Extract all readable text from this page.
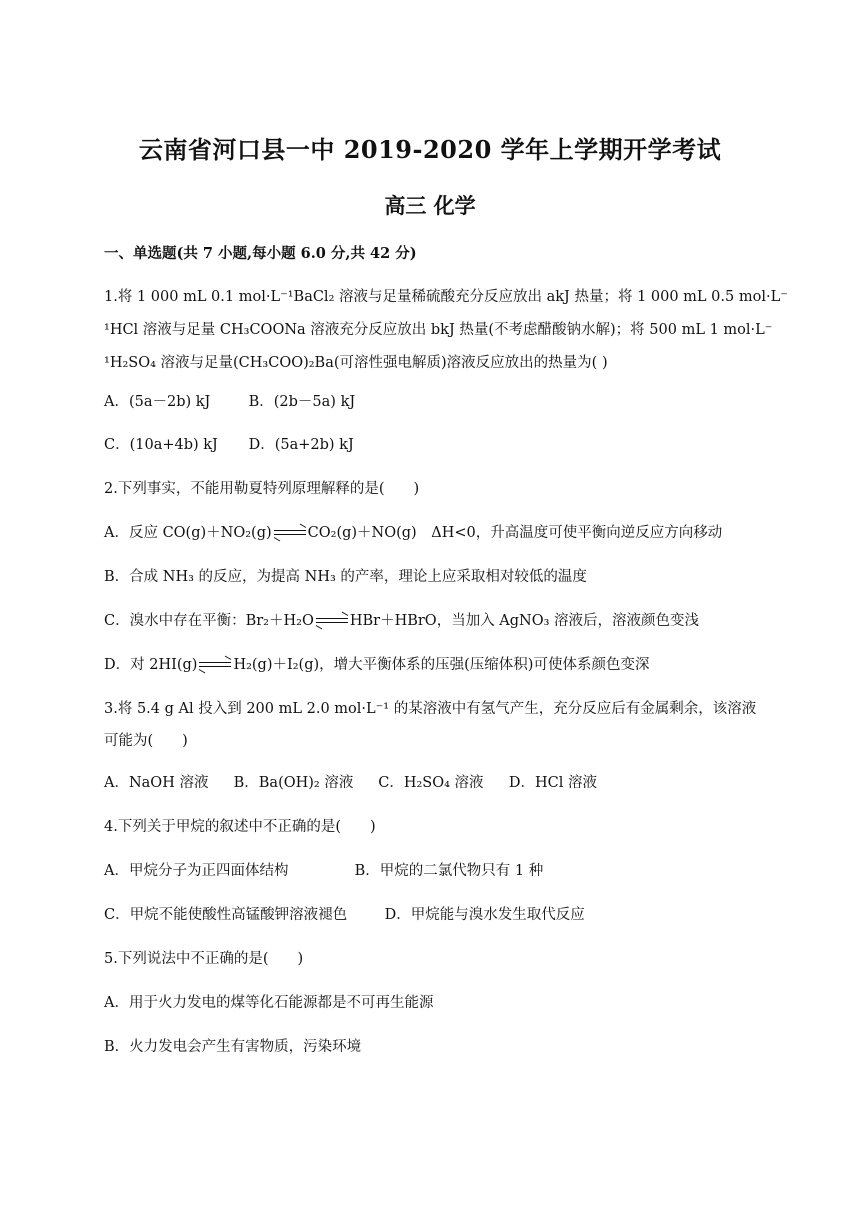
云南省河口县一中 2019-2020 学年上学期开学考试
高三 化学
一、单选题(共 7 小题,每小题 6.0 分,共 42 分)
1.将 1 000 mL 0.1 mol·L⁻¹BaCl₂ 溶液与足量稀硫酸充分反应放出 akJ 热量；将 1 000 mL 0.5 mol·L⁻
¹HCl 溶液与足量 CH₃COONa 溶液充分反应放出 bkJ 热量(不考虑醋酸钠水解)；将 500 mL 1 mol·L⁻
¹H₂SO₄ 溶液与足量(CH₃COO)₂Ba(可溶性强电解质)溶液反应放出的热量为( )
A．(5a－2b) kJ	B．(2b－5a) kJ
C．(10a+4b) kJ D．(5a+2b) kJ
2.下列事实，不能用勒夏特列原理解释的是(　　)
A．反应 CO(g)＋NO₂(g) CO₂(g)＋NO(g)　ΔH<0，升高温度可使平衡向逆反应方向移动
B．合成 NH₃ 的反应，为提高 NH₃ 的产率，理论上应采取相对较低的温度
C．溴水中存在平衡：Br₂＋H₂O HBr＋HBrO，当加入 AgNO₃ 溶液后，溶液颜色变浅
D．对 2HI(g) H₂(g)＋I₂(g)，增大平衡体系的压强(压缩体积)可使体系颜色变深
3.将 5.4 g Al 投入到 200 mL 2.0 mol·L⁻¹ 的某溶液中有氢气产生，充分反应后有金属剩余，该溶液
可能为(　　)
A．NaOH 溶液 B．Ba(OH)₂ 溶液 C．H₂SO₄ 溶液 D．HCl 溶液
4.下列关于甲烷的叙述中不正确的是(　　)
A．甲烷分子为正四面体结构	B．甲烷的二氯代物只有 1 种
C．甲烷不能使酸性高锰酸钾溶液褪色	D．甲烷能与溴水发生取代反应
5.下列说法中不正确的是(　　)
A．用于火力发电的煤等化石能源都是不可再生能源
B．火力发电会产生有害物质，污染环境
